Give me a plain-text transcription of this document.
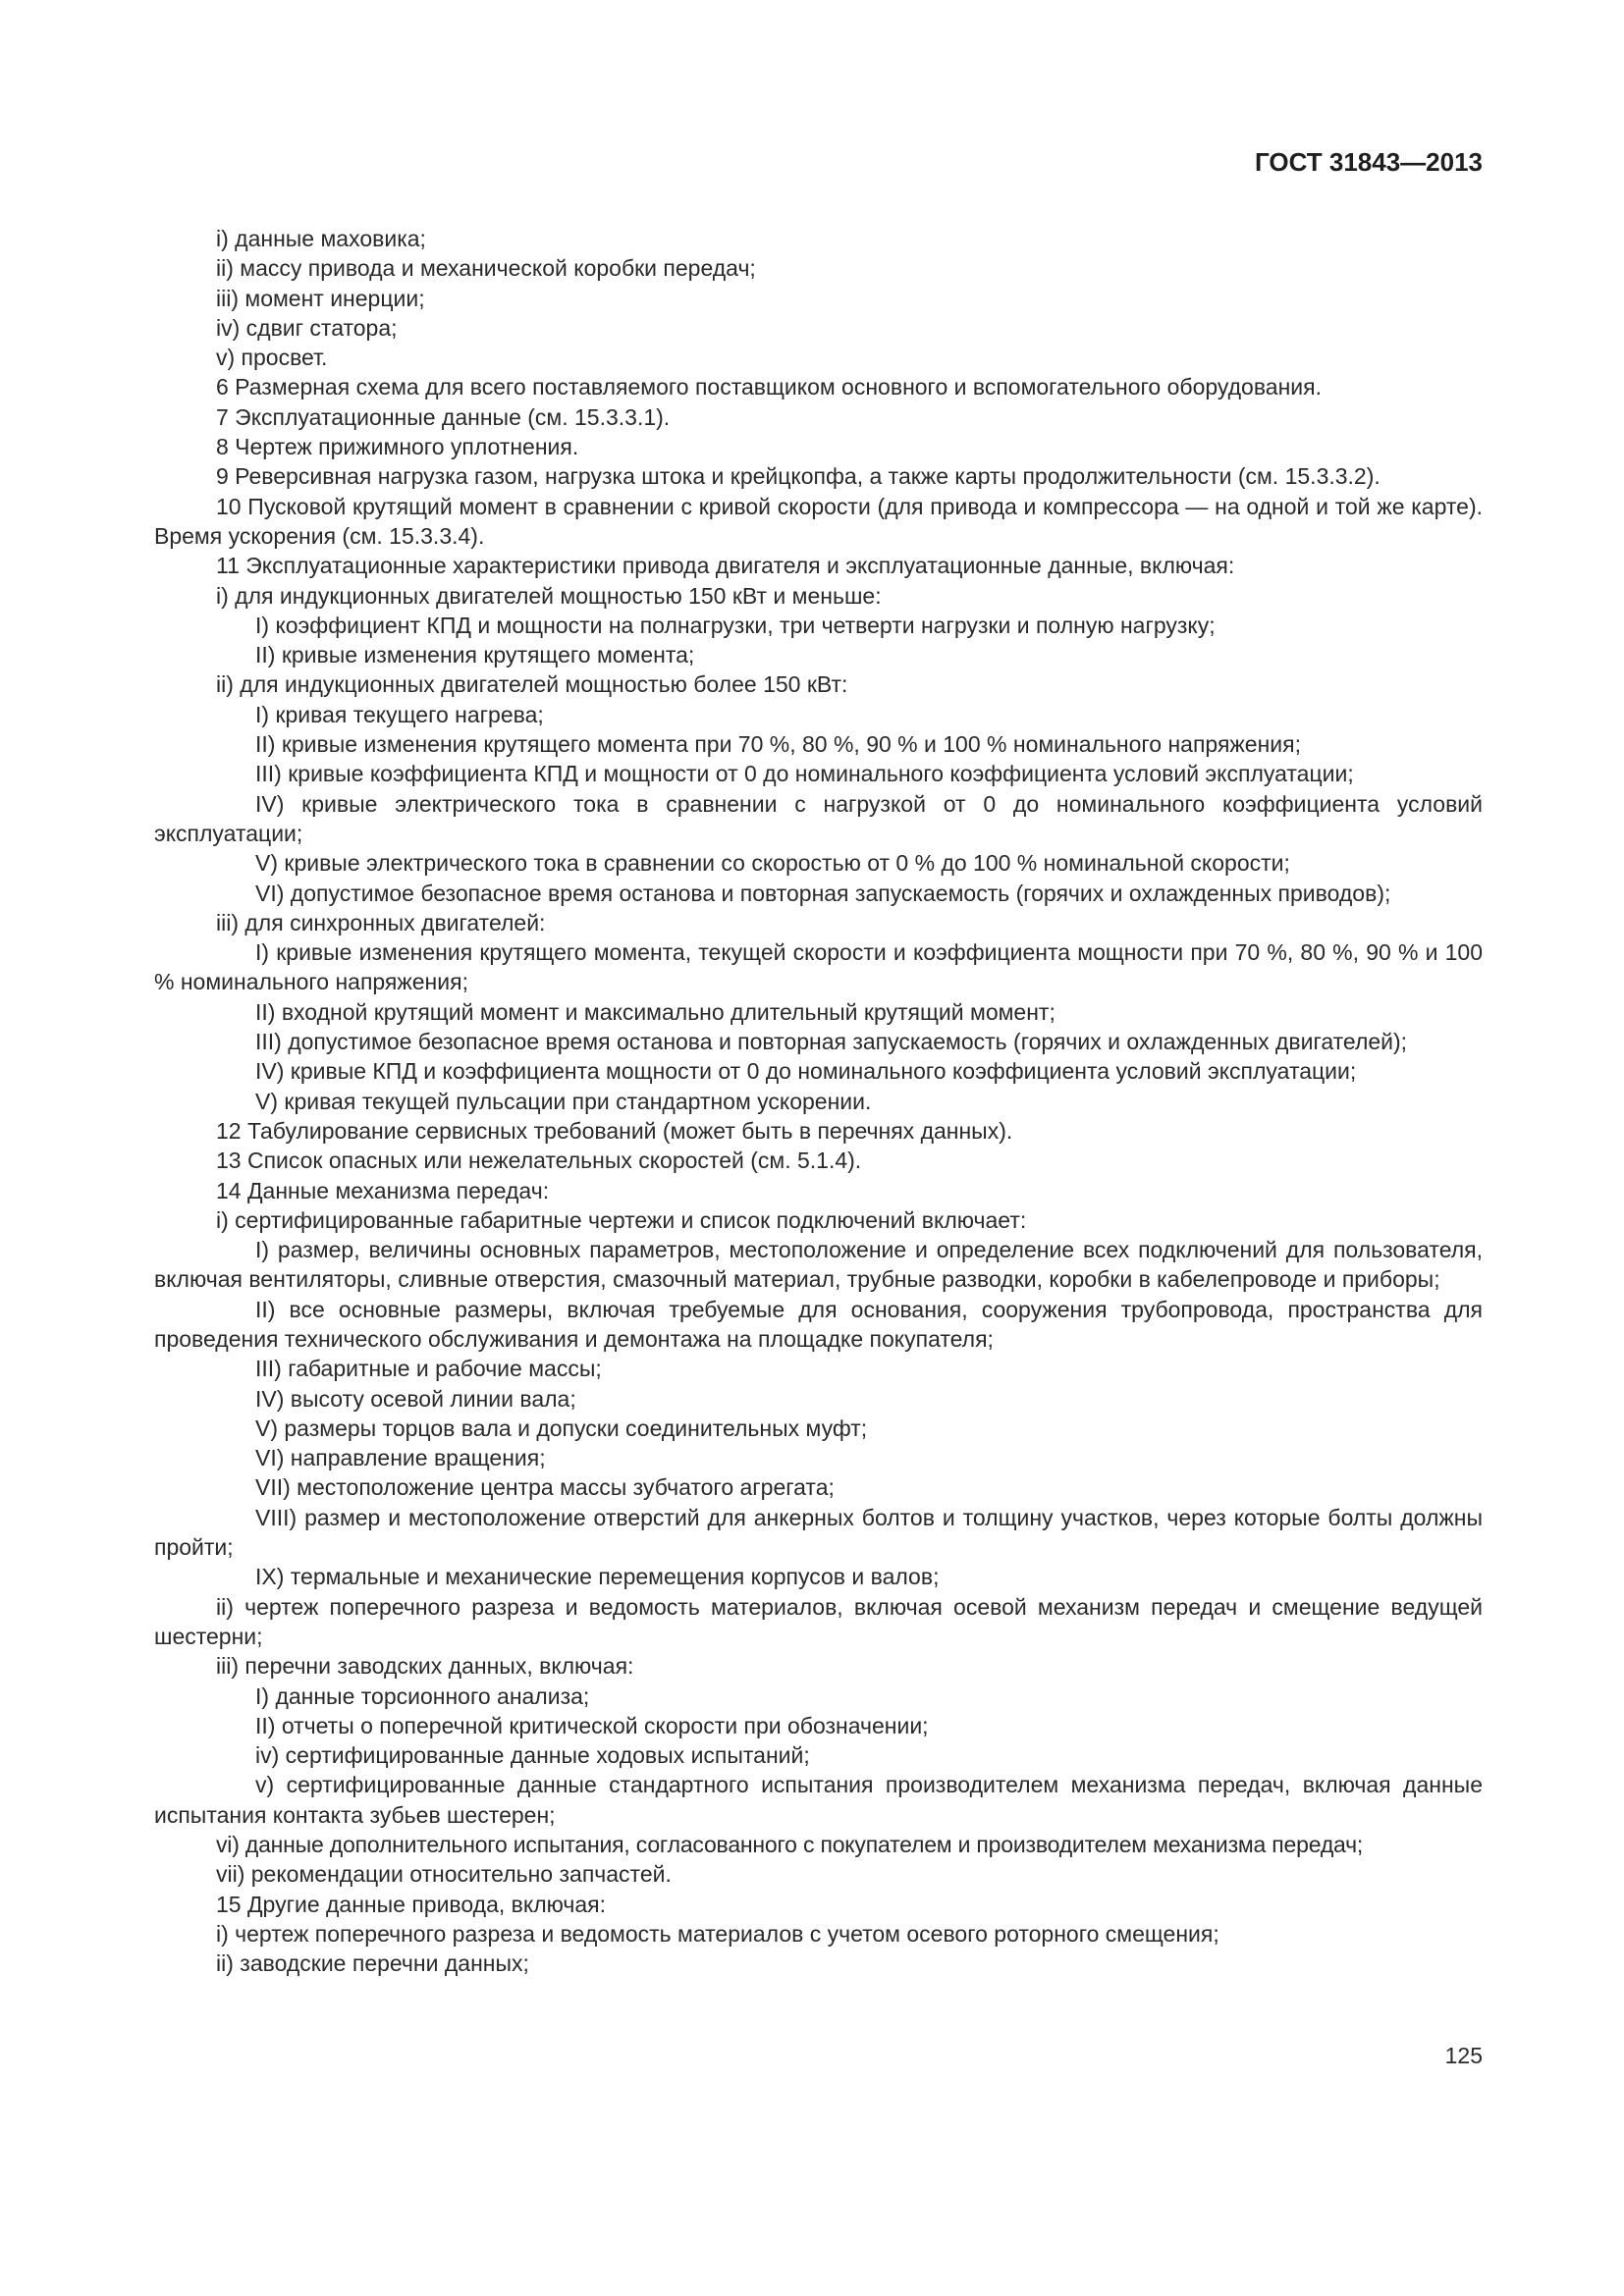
ГОСТ 31843—2013
i) данные маховика;
ii) массу привода и механической коробки передач;
iii) момент инерции;
iv) сдвиг статора;
v) просвет.
6 Размерная схема для всего поставляемого поставщиком основного и вспомогательного оборудования.
7 Эксплуатационные данные (см. 15.3.3.1).
8 Чертеж прижимного уплотнения.
9 Реверсивная нагрузка газом, нагрузка штока и крейцкопфа, а также карты продолжительности (см. 15.3.3.2).
10 Пусковой крутящий момент в сравнении с кривой скорости (для привода и компрессора — на одной и той же карте). Время ускорения (см. 15.3.3.4).
11 Эксплуатационные характеристики привода двигателя и эксплуатационные данные, включая:
i) для индукционных двигателей мощностью 150 кВт и меньше:
I) коэффициент КПД и мощности на полнагрузки, три четверти нагрузки и полную нагрузку;
II) кривые изменения крутящего момента;
ii) для индукционных двигателей мощностью более 150 кВт:
I) кривая текущего нагрева;
II) кривые изменения крутящего момента при 70 %, 80 %, 90 % и 100 % номинального напряжения;
III) кривые коэффициента КПД и мощности от 0 до номинального коэффициента условий эксплуатации;
IV) кривые электрического тока в сравнении с нагрузкой от 0 до номинального коэффициента условий эксплуатации;
V) кривые электрического тока в сравнении со скоростью от 0 % до 100 % номинальной скорости;
VI) допустимое безопасное время останова и повторная запускаемость (горячих и охлажденных приводов);
iii) для синхронных двигателей:
I) кривые изменения крутящего момента, текущей скорости и коэффициента мощности при 70 %, 80 %, 90 % и 100 % номинального напряжения;
II) входной крутящий момент и максимально длительный крутящий момент;
III) допустимое безопасное время останова и повторная запускаемость (горячих и охлажденных двигателей);
IV) кривые КПД и коэффициента мощности от 0 до номинального коэффициента условий эксплуатации;
V) кривая текущей пульсации при стандартном ускорении.
12 Табулирование сервисных требований (может быть в перечнях данных).
13 Список опасных или нежелательных скоростей (см. 5.1.4).
14 Данные механизма передач:
i) сертифицированные габаритные чертежи и список подключений включает:
I) размер, величины основных параметров, местоположение и определение всех подключений для пользователя, включая вентиляторы, сливные отверстия, смазочный материал, трубные разводки, коробки в кабелепроводе и приборы;
II) все основные размеры, включая требуемые для основания, сооружения трубопровода, пространства для проведения технического обслуживания и демонтажа на площадке покупателя;
III) габаритные и рабочие массы;
IV) высоту осевой линии вала;
V) размеры торцов вала и допуски соединительных муфт;
VI) направление вращения;
VII) местоположение центра массы зубчатого агрегата;
VIII) размер и местоположение отверстий для анкерных болтов и толщину участков, через которые болты должны пройти;
IX) термальные и механические перемещения корпусов и валов;
ii) чертеж поперечного разреза и ведомость материалов, включая осевой механизм передач и смещение ведущей шестерни;
iii) перечни заводских данных, включая:
I) данные торсионного анализа;
II) отчеты о поперечной критической скорости при обозначении;
iv) сертифицированные данные ходовых испытаний;
v) сертифицированные данные стандартного испытания производителем механизма передач, включая данные испытания контакта зубьев шестерен;
vi) данные дополнительного испытания, согласованного с покупателем и производителем механизма передач;
vii) рекомендации относительно запчастей.
15 Другие данные привода, включая:
i) чертеж поперечного разреза и ведомость материалов с учетом осевого роторного смещения;
ii) заводские перечни данных;
125
